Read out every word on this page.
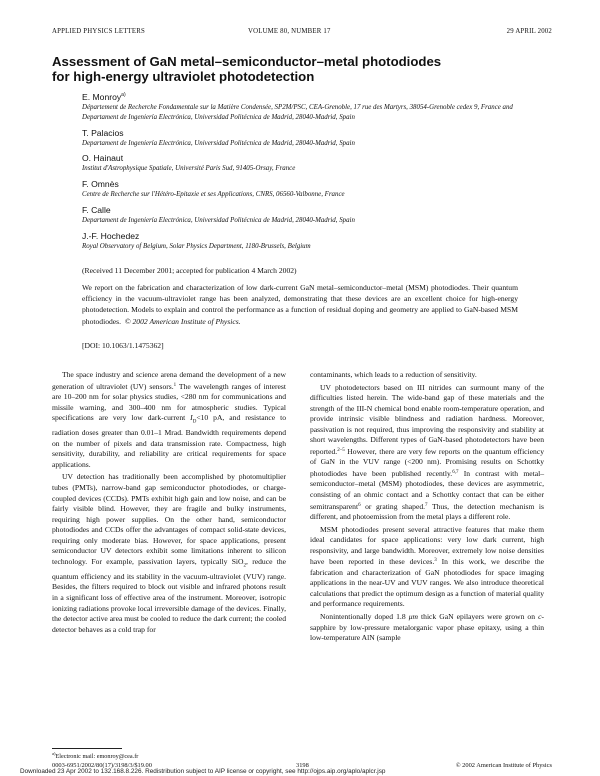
APPLIED PHYSICS LETTERS	VOLUME 80, NUMBER 17	29 APRIL 2002
Assessment of GaN metal–semiconductor–metal photodiodes
for high-energy ultraviolet photodetection
E. Monroy$^{a)}$
Département de Recherche Fondamentale sur la Matière Condensée, SP2M/PSC, CEA-Grenoble, 17 rue des Martyrs, 38054-Grenoble cedex 9, France and Departament de Ingeniería Electrónica, Universidad Politécnica de Madrid, 28040-Madrid, Spain
T. Palacios
Departament de Ingeniería Electrónica, Universidad Politécnica de Madrid, 28040-Madrid, Spain
O. Hainaut
Institut d'Astrophysique Spatiale, Université Paris Sud, 91405-Orsay, France
F. Omnès
Centre de Recherche sur l'Hétéro-Epitaxie et ses Applications, CNRS, 06560-Valbonne, France
F. Calle
Departament de Ingeniería Electrónica, Universidad Politécnica de Madrid, 28040-Madrid, Spain
J.-F. Hochedez
Royal Observatory of Belgium, Solar Physics Department, 1180-Brussels, Belgium
(Received 11 December 2001; accepted for publication 4 March 2002)
We report on the fabrication and characterization of low dark-current GaN metal–semiconductor–metal (MSM) photodiodes. Their quantum efficiency in the vacuum-ultraviolet range has been analyzed, demonstrating that these devices are an excellent choice for high-energy photodetection. Models to explain and control the performance as a function of residual doping and geometry are applied to GaN-based MSM photodiodes. © 2002 American Institute of Physics.
[DOI: 10.1063/1.1475362]

The space industry and science arena demand the development of a new generation of ultraviolet (UV) sensors.$^1$ The wavelength ranges of interest are 10–200 nm for solar physics studies, <280 nm for communications and missile warning, and 300–400 nm for atmospheric studies. Typical specifications are very low dark-current $I_D<10$ pA, and resistance to radiation doses greater than 0.01–1 Mrad. Bandwidth requirements depend on the number of pixels and data transmission rate. Compactness, high sensitivity, durability, and reliability are critical requirements for space applications.

UV detection has traditionally been accomplished by photomultiplier tubes (PMTs), narrow-band gap semiconductor photodiodes, or charge-coupled devices (CCDs). PMTs exhibit high gain and low noise, and can be fairly visible blind. However, they are fragile and bulky instruments, requiring high power supplies. On the other hand, semiconductor photodiodes and CCDs offer the advantages of compact solid-state devices, requiring only moderate bias. However, for space applications, present semiconductor UV detectors exhibit some limitations inherent to silicon technology. For example, passivation layers, typically SiO$_2$, reduce the quantum efficiency and its stability in the vacuum-ultraviolet (VUV) range. Besides, the filters required to block out visible and infrared photons result in a significant loss of effective area of the instrument. Moreover, isotropic ionizing radiations provoke local irreversible damage of the devices. Finally, the detector active area must be cooled to reduce the dark current; the cooled detector behaves as a cold trap for

contaminants, which leads to a reduction of sensitivity.

UV photodetectors based on III nitrides can surmount many of the difficulties listed herein. The wide-band gap of these materials and the strength of the III-N chemical bond enable room-temperature operation, and provide intrinsic visible blindness and radiation hardness. Moreover, passivation is not required, thus improving the responsivity and stability at short wavelengths. Different types of GaN-based photodetectors have been reported.$^{2-5}$ However, there are very few reports on the quantum efficiency of GaN in the VUV range (<200 nm). Promising results on Schottky photodiodes have been published recently.$^{6,7}$ In contrast with metal–semiconductor–metal (MSM) photodiodes, these devices are asymmetric, consisting of an ohmic contact and a Schottky contact that can be either semitransparent$^6$ or grating shaped.$^7$ Thus, the detection mechanism is different, and photoemission from the metal plays a different role.

MSM photodiodes present several attractive features that make them ideal candidates for space applications: very low dark current, high responsivity, and large bandwidth. Moreover, extremely low noise densities have been reported in these devices.$^3$ In this work, we describe the fabrication and characterization of GaN photodiodes for space imaging applications in the near-UV and VUV ranges. We also introduce theoretical calculations that predict the optimum design as a function of material quality and performance requirements.

Nonintentionally doped 1.8 μm thick GaN epilayers were grown on c-sapphire by low-pressure metalorganic vapor phase epitaxy, using a thin low-temperature AlN (sample

$^{a)}$Electronic mail: emonroy@cea.fr
0003-6951/2002/80(17)/3198/3/$19.00	3198	© 2002 American Institute of Physics
Downloaded 23 Apr 2002 to 132.168.8.226. Redistribution subject to AIP license or copyright, see http://ojps.aip.org/aplo/aplcr.jsp
